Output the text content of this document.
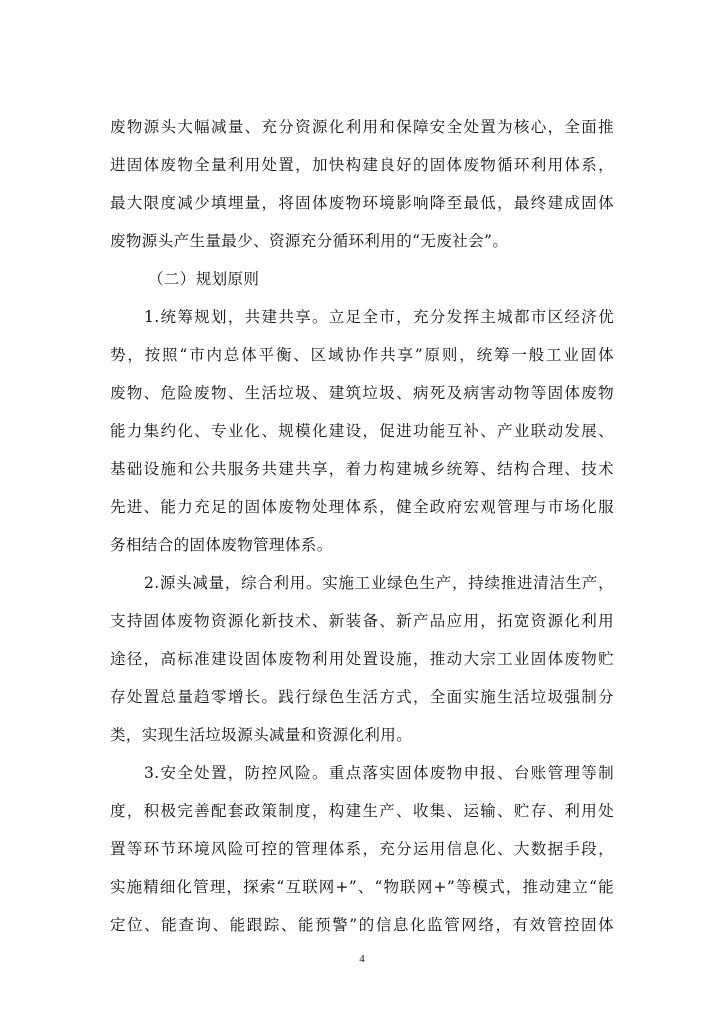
废物源头大幅减量、充分资源化利用和保障安全处置为核心，全面推
进固体废物全量利用处置，加快构建良好的固体废物循环利用体系，
最大限度减少填埋量，将固体废物环境影响降至最低，最终建成固体
废物源头产生量最少、资源充分循环利用的“无废社会”。
（二）规划原则
1.统筹规划，共建共享。立足全市，充分发挥主城都市区经济优
势，按照“市内总体平衡、区域协作共享”原则，统筹一般工业固体
废物、危险废物、生活垃圾、建筑垃圾、病死及病害动物等固体废物
能力集约化、专业化、规模化建设，促进功能互补、产业联动发展、
基础设施和公共服务共建共享，着力构建城乡统筹、结构合理、技术
先进、能力充足的固体废物处理体系，健全政府宏观管理与市场化服
务相结合的固体废物管理体系。
2.源头减量，综合利用。实施工业绿色生产，持续推进清洁生产，
支持固体废物资源化新技术、新装备、新产品应用，拓宽资源化利用
途径，高标准建设固体废物利用处置设施，推动大宗工业固体废物贮
存处置总量趋零增长。践行绿色生活方式，全面实施生活垃圾强制分
类，实现生活垃圾源头减量和资源化利用。
3.安全处置，防控风险。重点落实固体废物申报、台账管理等制
度，积极完善配套政策制度，构建生产、收集、运输、贮存、利用处
置等环节环境风险可控的管理体系，充分运用信息化、大数据手段，
实施精细化管理，探索“互联网+”、“物联网+”等模式，推动建立“能
定位、能查询、能跟踪、能预警”的信息化监管网络，有效管控固体
4
